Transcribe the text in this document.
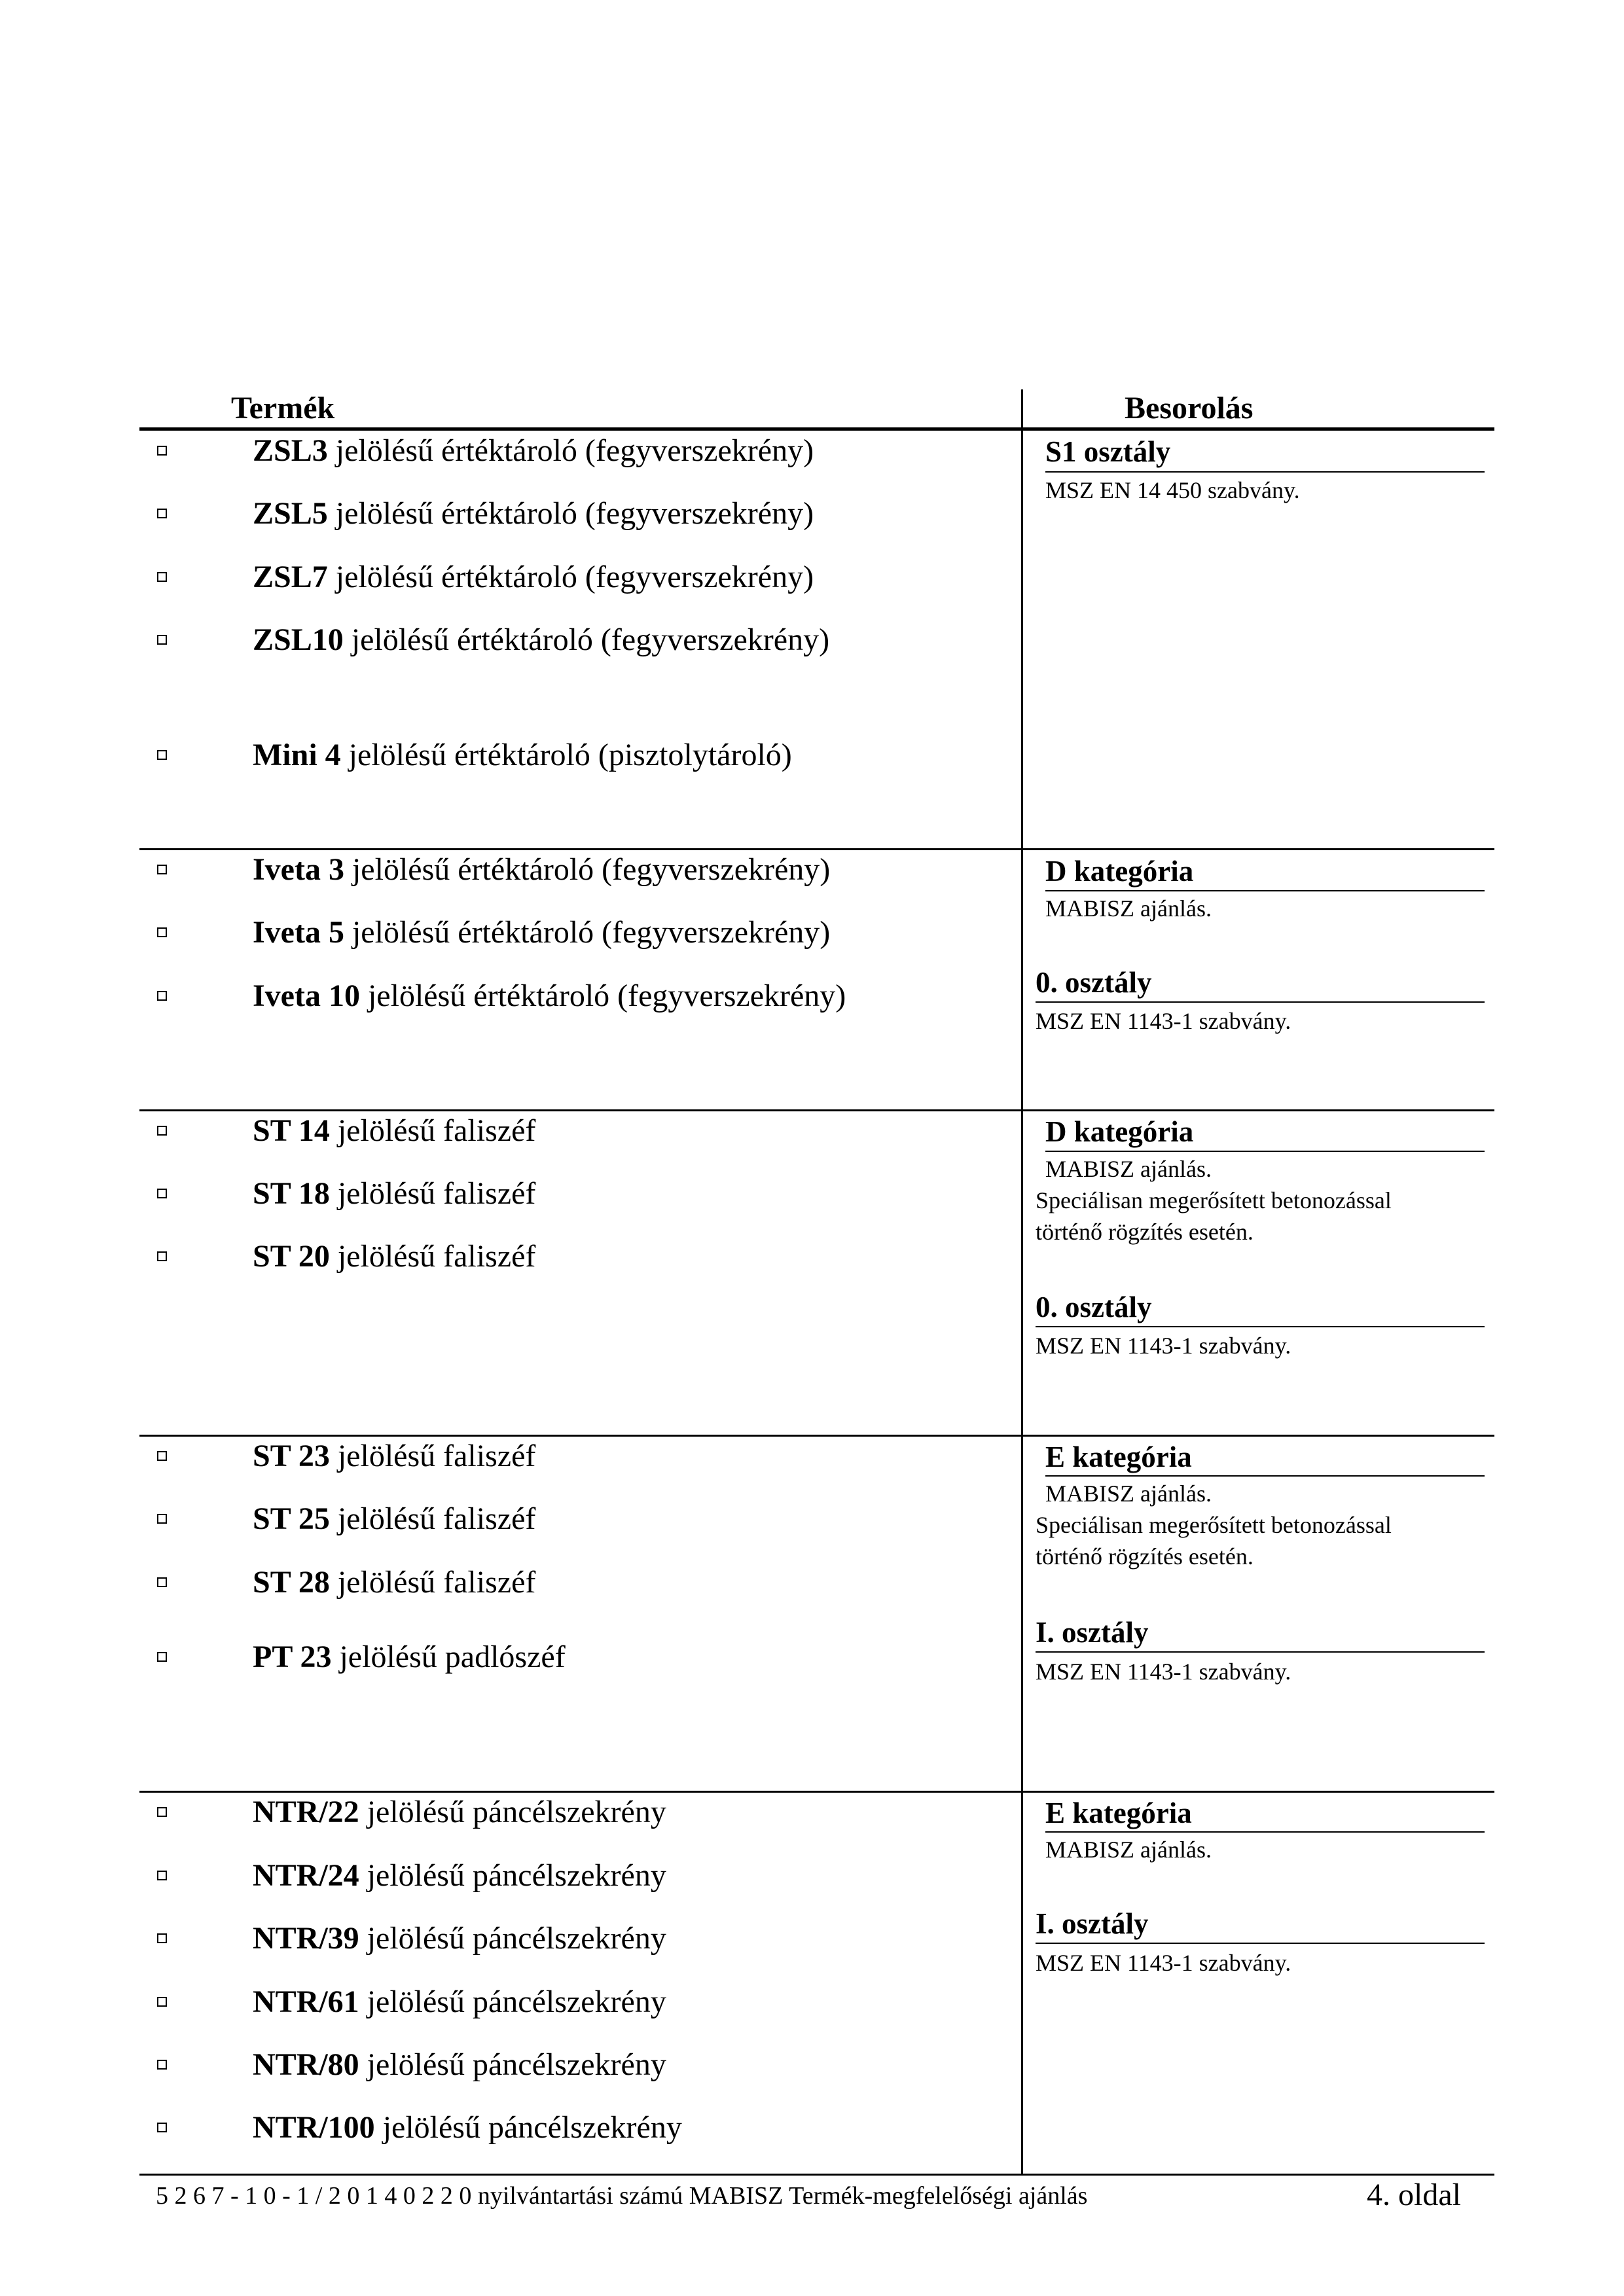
Termék	Besorolás
ZSL3 jelölésű értéktároló (fegyverszekrény)
ZSL5 jelölésű értéktároló (fegyverszekrény)
ZSL7 jelölésű értéktároló (fegyverszekrény)
ZSL10 jelölésű értéktároló (fegyverszekrény)
Mini 4 jelölésű értéktároló (pisztolytároló)
S1 osztály
MSZ EN 14 450 szabvány.
Iveta 3 jelölésű értéktároló (fegyverszekrény)
Iveta 5 jelölésű értéktároló (fegyverszekrény)
Iveta 10 jelölésű értéktároló (fegyverszekrény)
D kategória
MABISZ ajánlás.
0. osztály
MSZ EN 1143-1 szabvány.
ST 14 jelölésű faliszéf
ST 18 jelölésű faliszéf
ST 20 jelölésű faliszéf
D kategória
MABISZ ajánlás.
Speciálisan megerősített betonozással
történő rögzítés esetén.
0. osztály
MSZ EN 1143-1 szabvány.
ST 23 jelölésű faliszéf
ST 25 jelölésű faliszéf
ST 28 jelölésű faliszéf
PT 23 jelölésű padlószéf
E kategória
MABISZ ajánlás.
Speciálisan megerősített betonozással
történő rögzítés esetén.
I. osztály
MSZ EN 1143-1 szabvány.
NTR/22 jelölésű páncélszekrény
NTR/24 jelölésű páncélszekrény
NTR/39 jelölésű páncélszekrény
NTR/61 jelölésű páncélszekrény
NTR/80 jelölésű páncélszekrény
NTR/100 jelölésű páncélszekrény
E kategória
MABISZ ajánlás.
I. osztály
MSZ EN 1143-1 szabvány.
5 2 6 7 - 1 0 - 1 / 2 0 1 4 0 2 2 0 nyilvántartási számú MABISZ Termék-megfelelőségi ajánlás	4. oldal
